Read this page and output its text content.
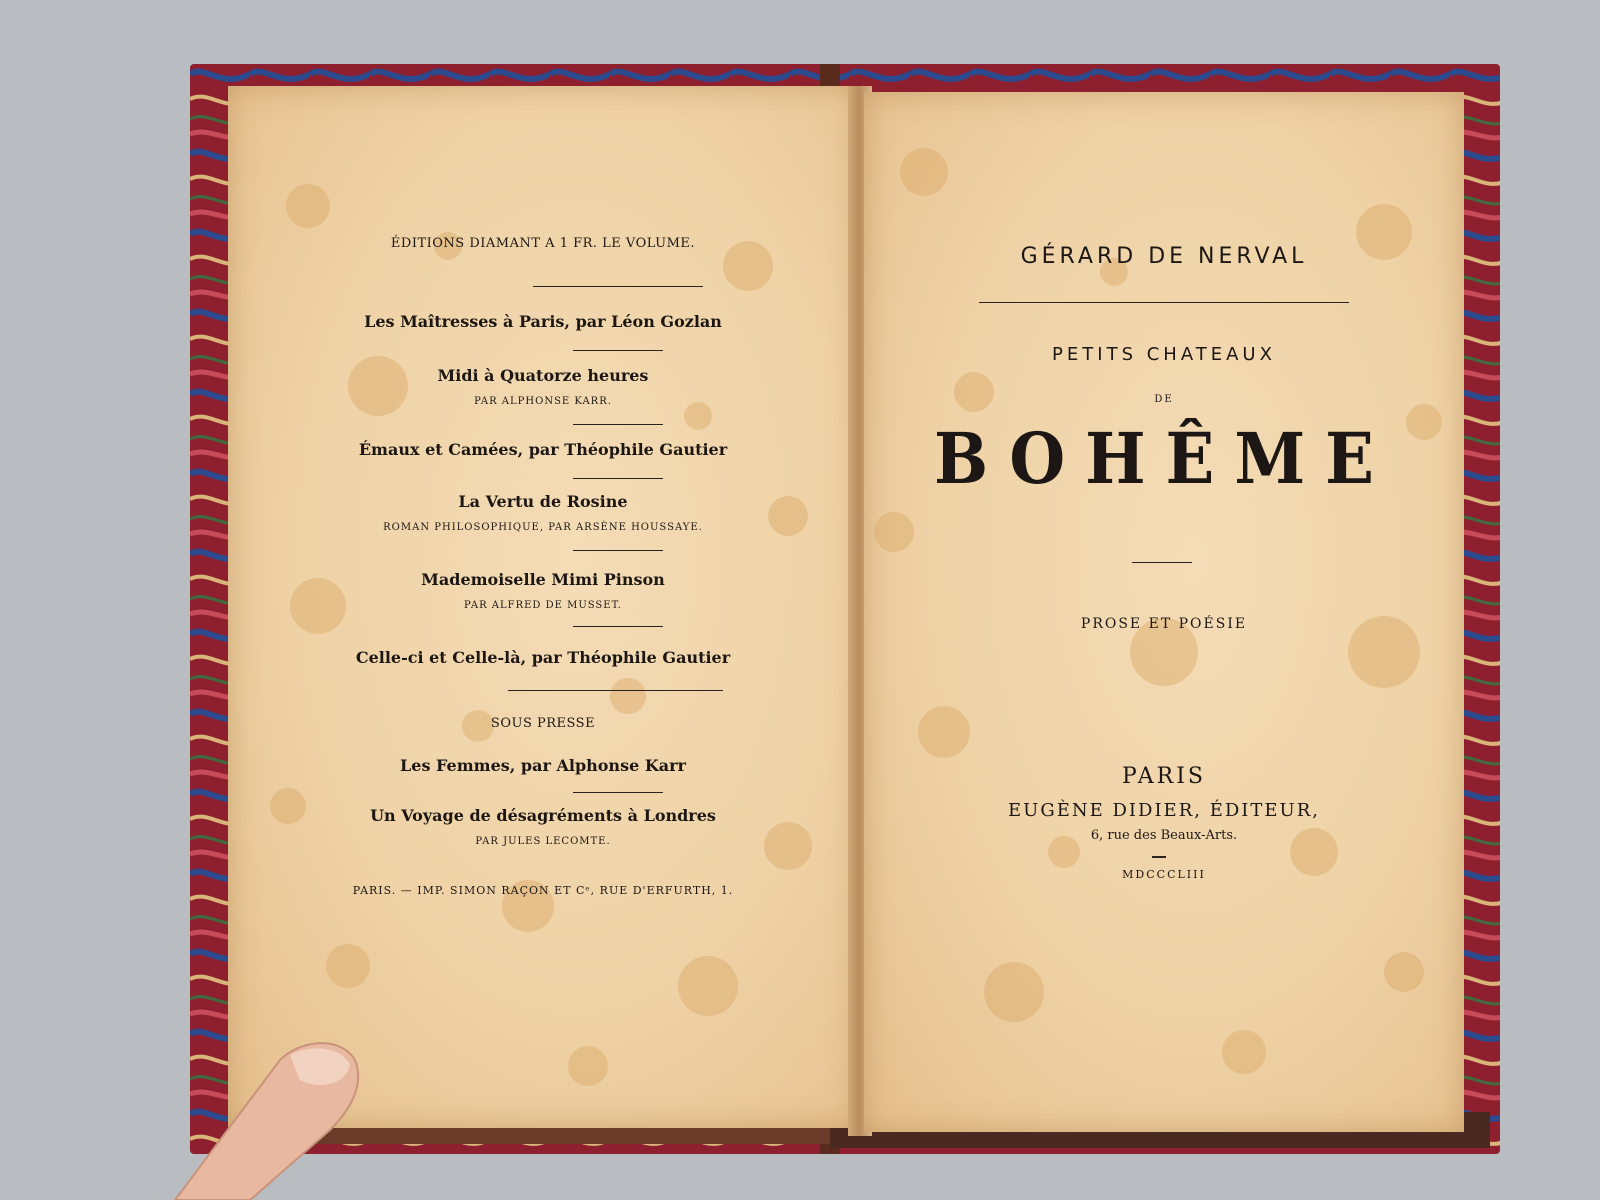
ÉDITIONS DIAMANT A 1 FR. LE VOLUME.
Les Maîtresses à Paris, par Léon Gozlan
Midi à Quatorze heures
PAR ALPHONSE KARR.
Émaux et Camées, par Théophile Gautier
La Vertu de Rosine
ROMAN PHILOSOPHIQUE, PAR ARSÈNE HOUSSAYE.
Mademoiselle Mimi Pinson
PAR ALFRED DE MUSSET.
Celle-ci et Celle-là, par Théophile Gautier
SOUS PRESSE
Les Femmes, par Alphonse Karr
Un Voyage de désagréments à Londres
PAR JULES LECOMTE.
PARIS. — IMP. SIMON RAÇON ET Cᵉ, RUE D'ERFURTH, 1.
GÉRARD DE NERVAL
PETITS CHATEAUX
DE
BOHÊME
PROSE ET POÉSIE
PARIS
EUGÈNE DIDIER, ÉDITEUR,
6, rue des Beaux-Arts.
MDCCCLIII
